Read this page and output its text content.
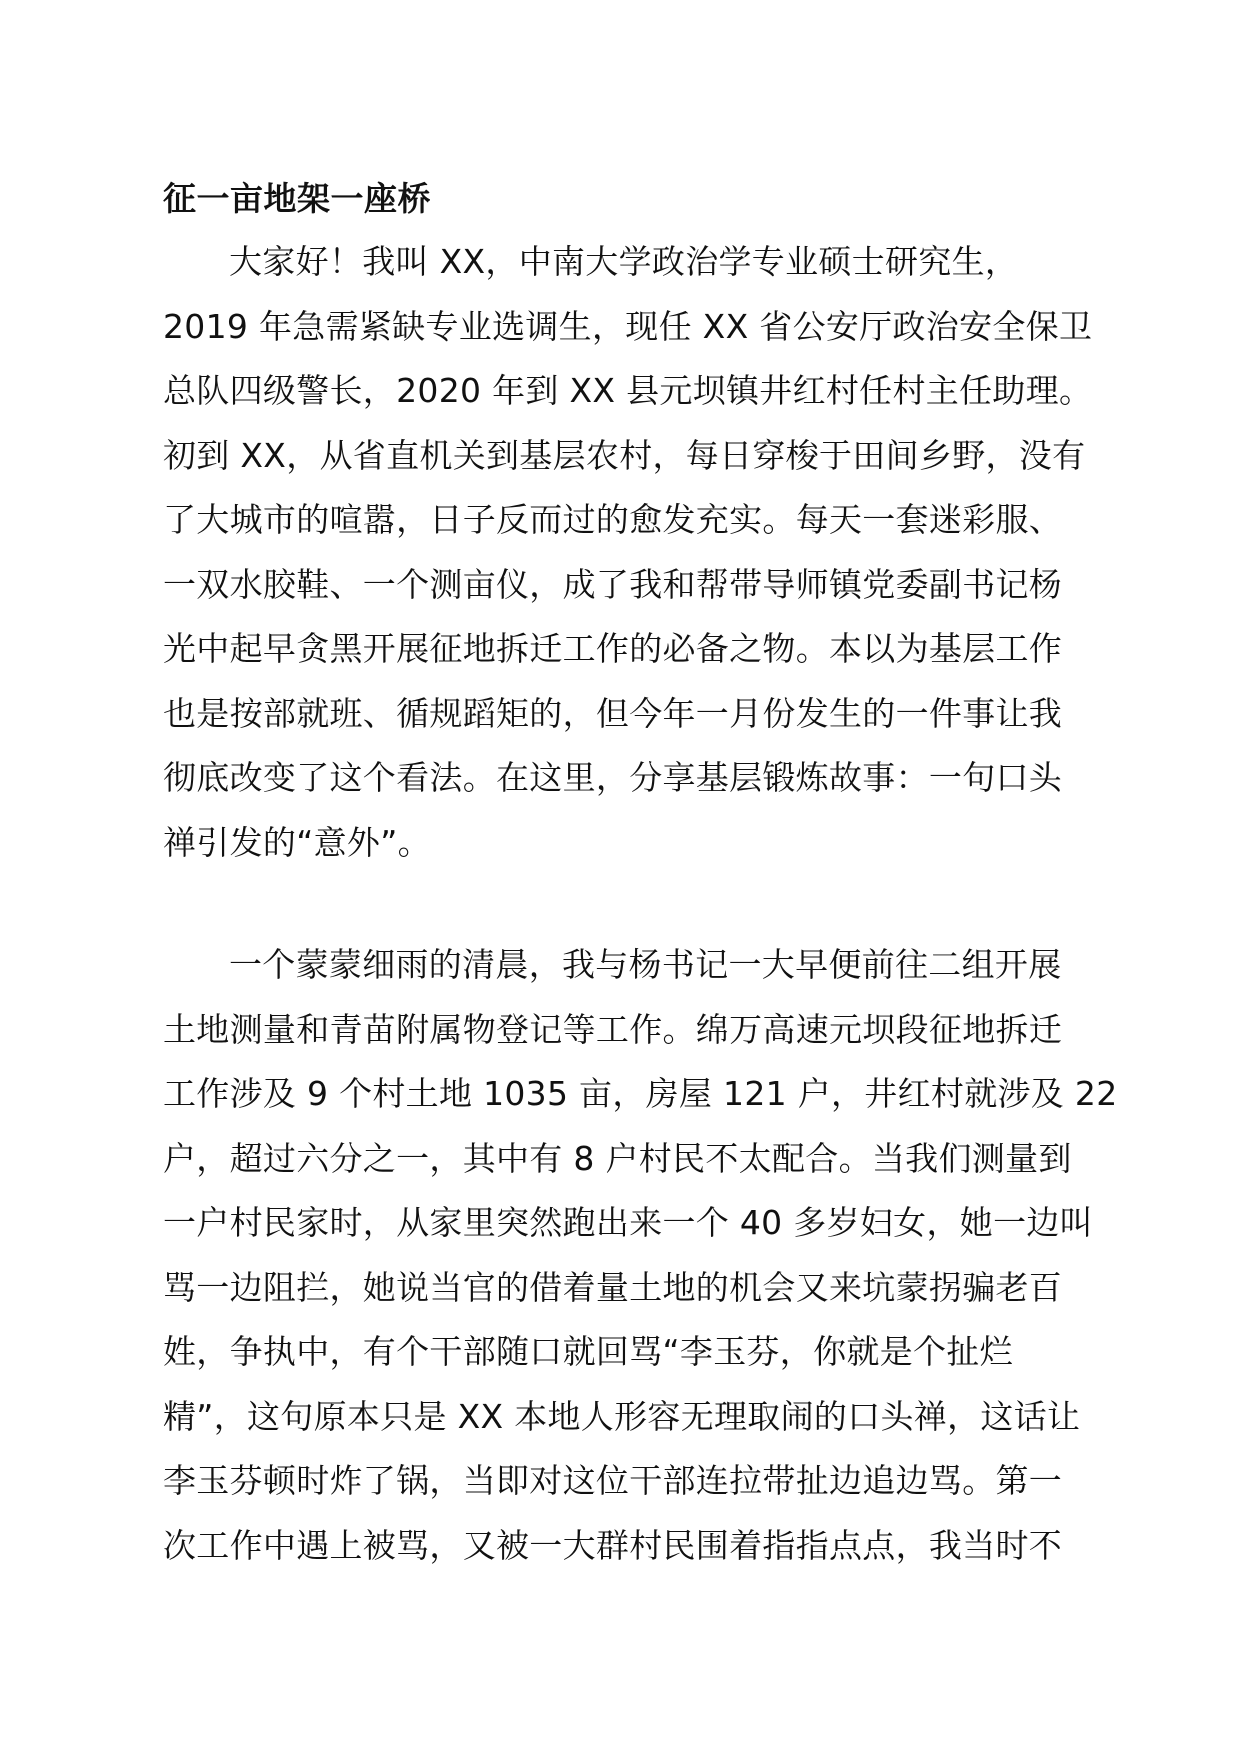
征一亩地架一座桥
大家好！我叫 XX，中南大学政治学专业硕士研究生，
2019 年急需紧缺专业选调生，现任 XX 省公安厅政治安全保卫
总队四级警长，2020 年到 XX 县元坝镇井红村任村主任助理。
初到 XX，从省直机关到基层农村，每日穿梭于田间乡野，没有
了大城市的喧嚣，日子反而过的愈发充实。每天一套迷彩服、
一双水胶鞋、一个测亩仪，成了我和帮带导师镇党委副书记杨
光中起早贪黑开展征地拆迁工作的必备之物。本以为基层工作
也是按部就班、循规蹈矩的，但今年一月份发生的一件事让我
彻底改变了这个看法。在这里，分享基层锻炼故事：一句口头
禅引发的“意外”。
一个蒙蒙细雨的清晨，我与杨书记一大早便前往二组开展
土地测量和青苗附属物登记等工作。绵万高速元坝段征地拆迁
工作涉及 9 个村土地 1035 亩，房屋 121 户，井红村就涉及 22
户，超过六分之一，其中有 8 户村民不太配合。当我们测量到
一户村民家时，从家里突然跑出来一个 40 多岁妇女，她一边叫
骂一边阻拦，她说当官的借着量土地的机会又来坑蒙拐骗老百
姓，争执中，有个干部随口就回骂“李玉芬，你就是个扯烂
精”，这句原本只是 XX 本地人形容无理取闹的口头禅，这话让
李玉芬顿时炸了锅，当即对这位干部连拉带扯边追边骂。第一
次工作中遇上被骂，又被一大群村民围着指指点点，我当时不
